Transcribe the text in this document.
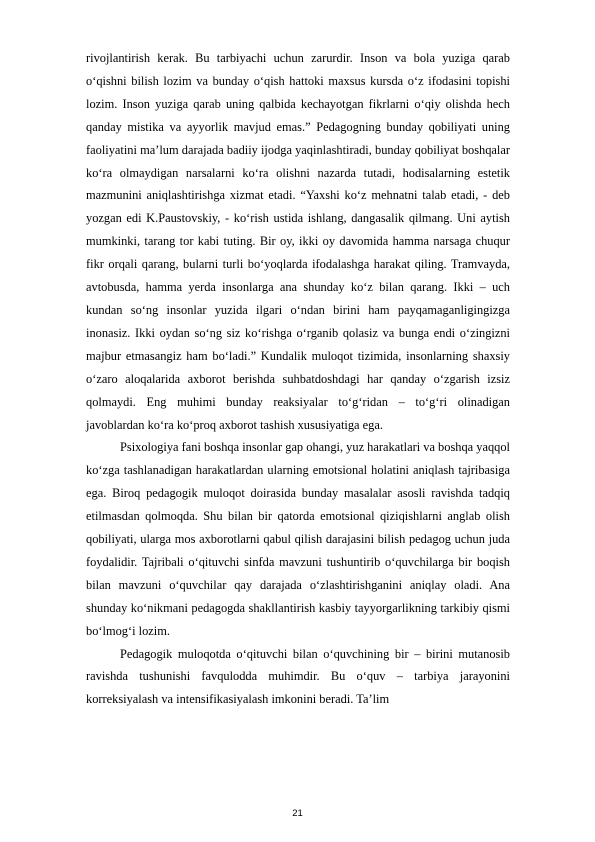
rivojlantirish kerak. Bu tarbiyachi uchun zarurdir. Inson va bola yuziga qarab o‘qishni bilish lozim va bunday o‘qish hattoki maxsus kursda o‘z ifodasini topishi lozim. Inson yuziga qarab uning qalbida kechayotgan fikrlarni o‘qiy olishda hech qanday mistika va ayyorlik mavjud emas.” Pedagogning bunday qobiliyati uning faoliyatini ma’lum darajada badiiy ijodga yaqinlashtiradi, bunday qobiliyat boshqalar ko‘ra olmaydigan narsalarni ko‘ra olishni nazarda tutadi, hodisalarning estetik mazmunini aniqlashtirishga xizmat etadi. “Yaxshi ko‘z mehnatni talab etadi, - deb yozgan edi K.Paustovskiy, - ko‘rish ustida ishlang, dangasalik qilmang. Uni aytish mumkinki, tarang tor kabi tuting. Bir oy, ikki oy davomida hamma narsaga chuqur fikr orqali qarang, bularni turli bo‘yoqlarda ifodalashga harakat qiling. Tramvayda, avtobusda, hamma yerda insonlarga ana shunday ko‘z bilan qarang. Ikki – uch kundan so‘ng insonlar yuzida ilgari o‘ndan birini ham payqamaganligingizga inonasiz. Ikki oydan so‘ng siz ko‘rishga o‘rganib qolasiz va bunga endi o‘zingizni majbur etmasangiz ham bo‘ladi.” Kundalik muloqot tizimida, insonlarning shaxsiy o‘zaro aloqalarida axborot berishda suhbatdoshdagi har qanday o‘zgarish izsiz qolmaydi. Eng muhimi bunday reaksiyalar to‘g‘ridan – to‘g‘ri olinadigan javoblardan ko‘ra ko‘proq axborot tashish xususiyatiga ega.

Psixologiya fani boshqa insonlar gap ohangi, yuz harakatlari va boshqa yaqqol ko‘zga tashlanadigan harakatlardan ularning emotsional holatini aniqlash tajribasiga ega. Biroq pedagogik muloqot doirasida bunday masalalar asosli ravishda tadqiq etilmasdan qolmoqda. Shu bilan bir qatorda emotsional qiziqishlarni anglab olish qobiliyati, ularga mos axborotlarni qabul qilish darajasini bilish pedagog uchun juda foydalidir. Tajribali o‘qituvchi sinfda mavzuni tushuntirib o‘quvchilarga bir boqish bilan mavzuni o‘quvchilar qay darajada o‘zlashtirishganini aniqlay oladi. Ana shunday ko‘nikmani pedagogda shakllantirish kasbiy tayyorgarlikning tarkibiy qismi bo‘lmog‘i lozim.

Pedagogik muloqotda o‘qituvchi bilan o‘quvchining bir – birini mutanosib ravishda tushunishi favqulodda muhimdir. Bu o‘quv – tarbiya jarayonini korreksiyalash va intensifikasiyalash imkonini beradi. Ta’lim

21
